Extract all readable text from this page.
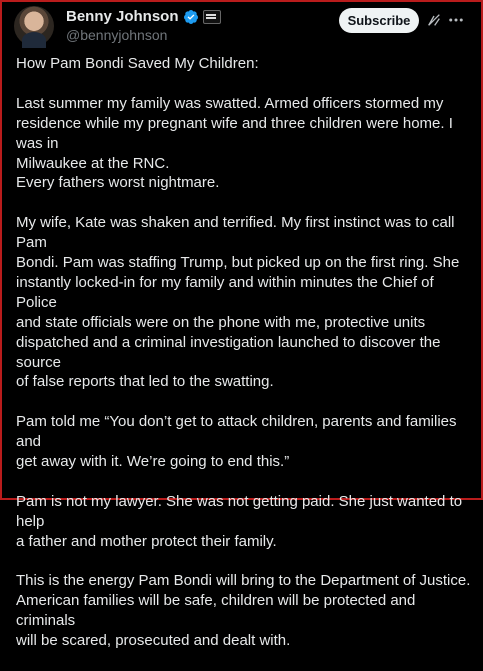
Benny Johnson
@bennyjohnson
Subscribe

How Pam Bondi Saved My Children:

Last summer my family was swatted. Armed officers stormed my
residence while my pregnant wife and three children were home. I was in
Milwaukee at the RNC.
Every fathers worst nightmare.

My wife, Kate was shaken and terrified. My first instinct was to call Pam
Bondi. Pam was staffing Trump, but picked up on the first ring. She
instantly locked-in for my family and within minutes the Chief of Police
and state officials were on the phone with me, protective units
dispatched and a criminal investigation launched to discover the source
of false reports that led to the swatting.

Pam told me “You don’t get to attack children, parents and families and
get away with it. We’re going to end this.”

Pam is not my lawyer. She was not getting paid. She just wanted to help
a father and mother protect their family.

This is the energy Pam Bondi will bring to the Department of Justice.
American families will be safe, children will be protected and criminals
will be scared, prosecuted and dealt with.
